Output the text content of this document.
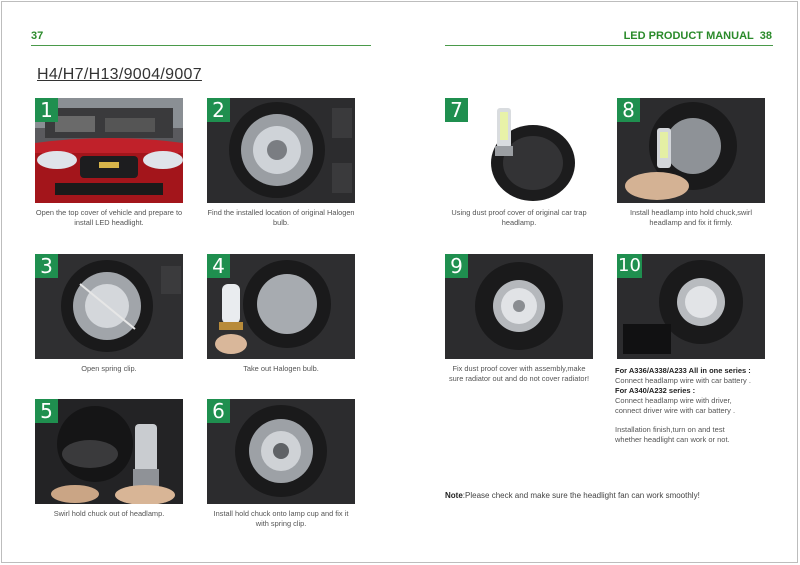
37	LED PRODUCT MANUAL 38
H4/H7/H13/9004/9007
1
Open the top cover of vehicle and prepare to install LED headlight.
2
Find the installed location of original Halogen bulb.
3
Open spring clip.
4
Take out Halogen bulb.
5
Swirl hold chuck out of headlamp.
6
Install hold chuck onto lamp cup and fix it with spring clip.
7
Using dust proof cover of original car trap headlamp.
8
Install headlamp into hold chuck,swirl headlamp and fix it firmly.
9
Fix dust proof cover with assembly,make sure radiator out and do not cover radiator!
10

For A336/A338/A233 All in one series :

Connect headlamp wire with car battery .

For A340/A232 series :

Connect headlamp wire with driver,

connect driver wire with car battery .

Installation finish,turn on and test

whether headlight can work or not.

Note:Please check and make sure the headlight fan can work smoothly!
